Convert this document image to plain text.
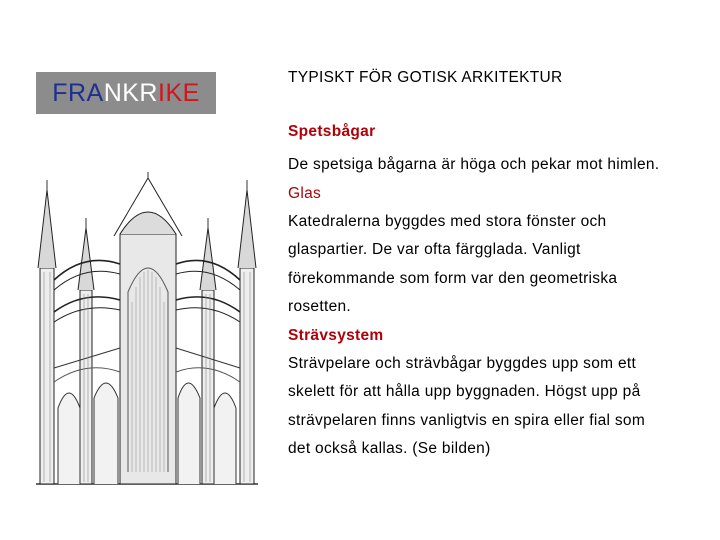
FRA NKR IKE
TYPISKT FÖR GOTISK ARKITEKTUR
Spetsbågar
De spetsiga bågarna är höga och pekar mot himlen.
Glas
Katedralerna byggdes med stora fönster och
glaspartier. De var ofta färgglada. Vanligt
förekommande som form var den geometriska
rosetten.
Strävsystem
Strävpelare och strävbågar byggdes upp som ett
skelett för att hålla upp byggnaden. Högst upp på
strävpelaren finns vanligtvis en spira eller fial som
det också kallas. (Se bilden)
